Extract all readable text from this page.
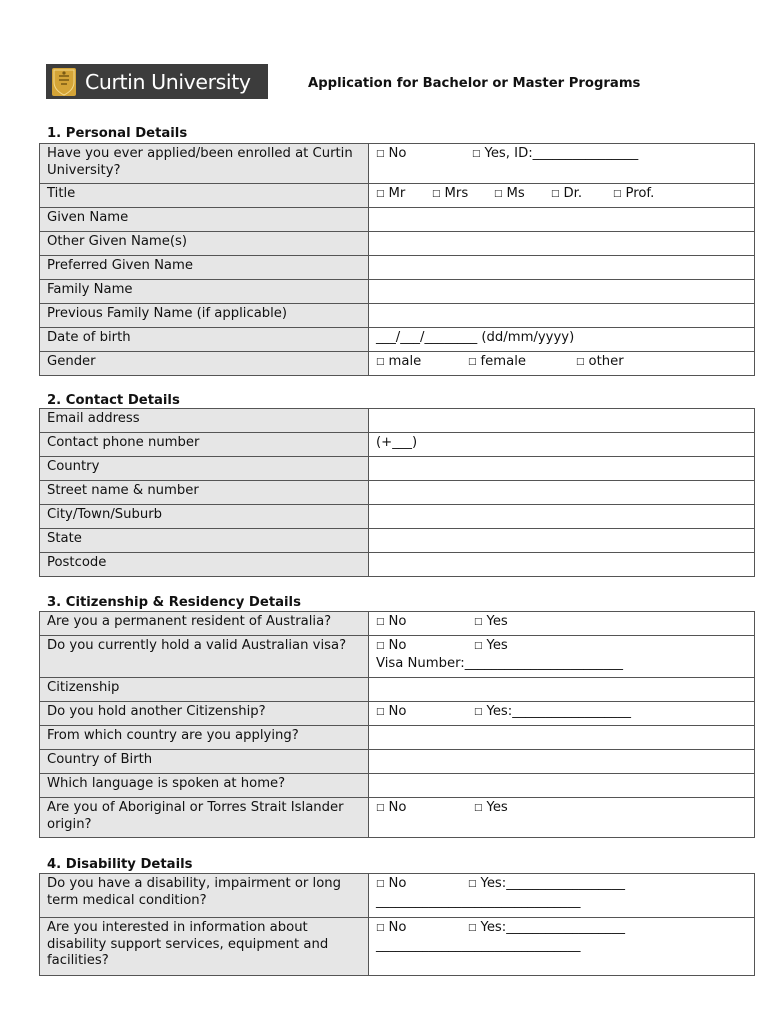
Curtin University	Application for Bachelor or Master Programs
1. Personal Details
Have you ever applied/been enrolled at Curtin University?	□ No □ Yes, ID:________________
Title	□ Mr □ Mrs □ Ms □ Dr. □ Prof.
Given Name	
Other Given Name(s)	
Preferred Given Name	
Family Name	
Previous Family Name (if applicable)	
Date of birth	___/___/________ (dd/mm/yyyy)
Gender	□ male □ female □ other
2. Contact Details
Email address	
Contact phone number	(+___)
Country	
Street name & number	
City/Town/Suburb	
State	
Postcode	
3. Citizenship & Residency Details
Are you a permanent resident of Australia?	□ No □ Yes
Do you currently hold a valid Australian visa?	□ No □ Yes
Visa Number:________________________
Citizenship	
Do you hold another Citizenship?	□ No □ Yes:__________________
From which country are you applying?	
Country of Birth	
Which language is spoken at home?	
Are you of Aboriginal or Torres Strait Islander origin?	□ No □ Yes
4. Disability Details
Do you have a disability, impairment or long term medical condition?	□ No □ Yes:__________________
_______________________________
Are you interested in information about disability support services, equipment and facilities?	□ No □ Yes:__________________
_______________________________
